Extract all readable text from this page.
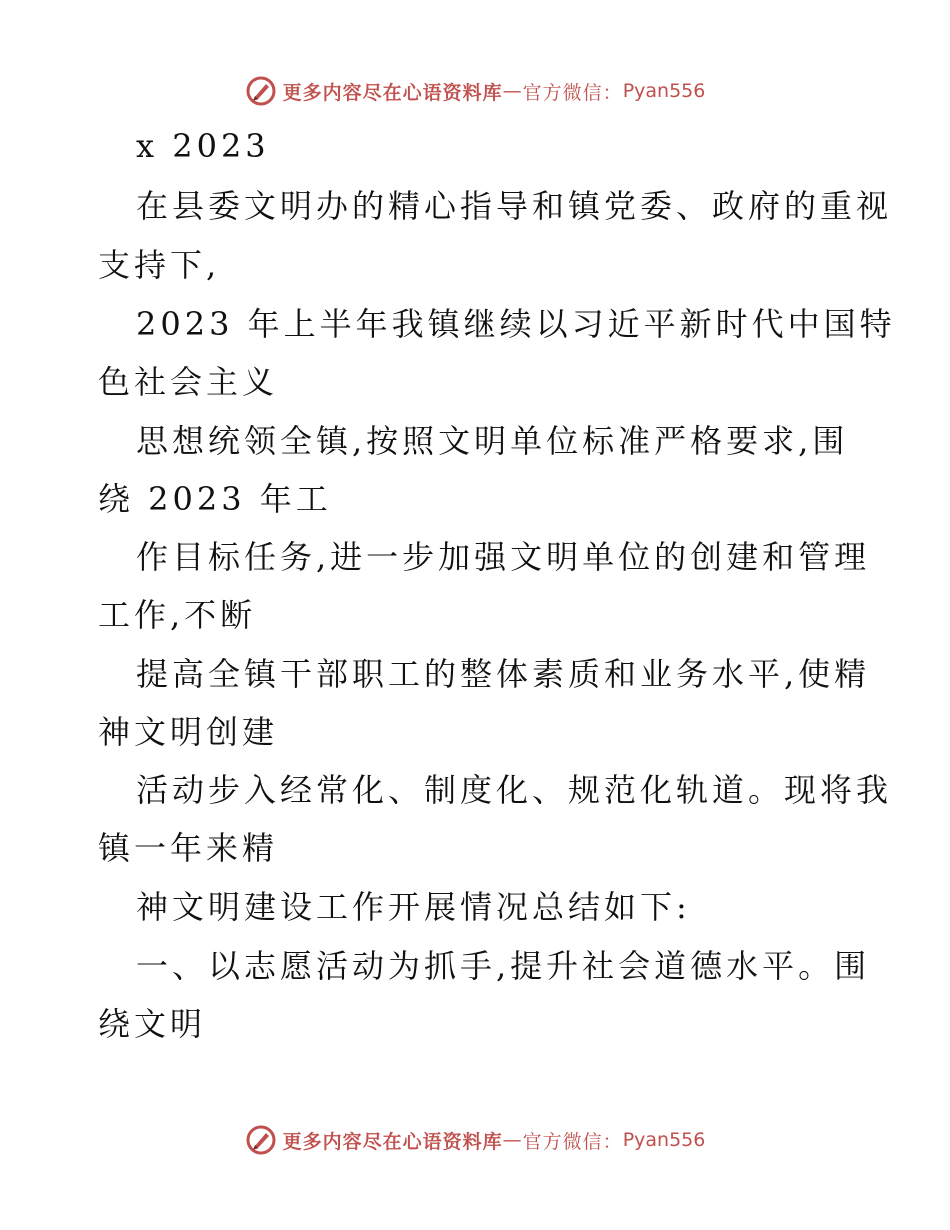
更多内容尽在心语资料库 — 官方微信： Pyan556
x 2023
在县委文明办的精心指导和镇党委、政府的重视
支持下,
2023 年上半年我镇继续以习近平新时代中国特
色社会主义
思想统领全镇,按照文明单位标准严格要求,围
绕 2023 年工
作目标任务,进一步加强文明单位的创建和管理
工作,不断
提高全镇干部职工的整体素质和业务水平,使精
神文明创建
活动步入经常化、制度化、规范化轨道。现将我
镇一年来精
神文明建设工作开展情况总结如下:
一、以志愿活动为抓手,提升社会道德水平。围
绕文明
更多内容尽在心语资料库 — 官方微信： Pyan556
